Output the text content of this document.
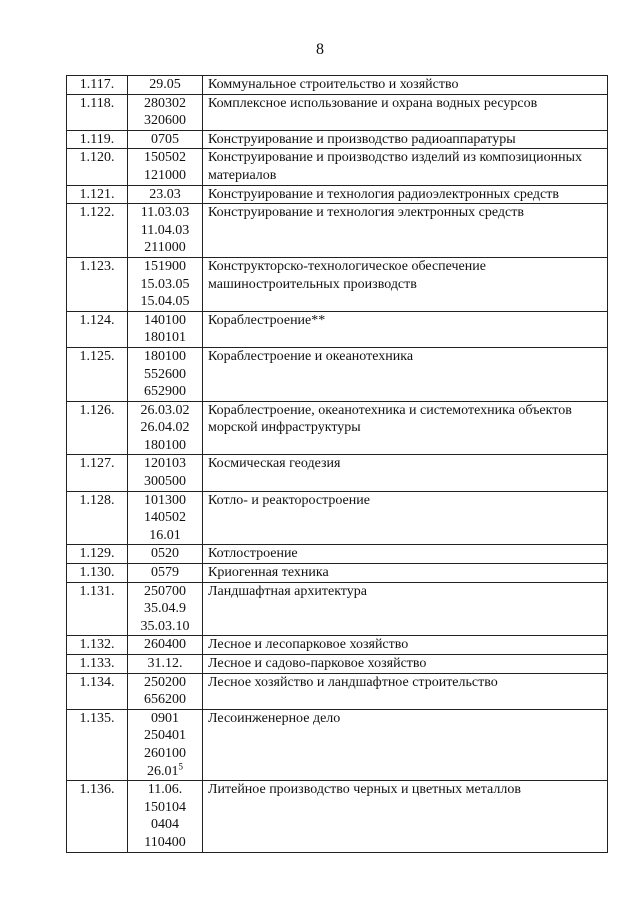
8
1.117.	29.05	Коммунальное строительство и хозяйство
1.118.	280302
320600	Комплексное использование и охрана водных ресурсов
1.119.	0705	Конструирование и производство радиоаппаратуры
1.120.	150502
121000	Конструирование и производство изделий из композиционных материалов
1.121.	23.03	Конструирование и технология радиоэлектронных средств
1.122.	11.03.03
11.04.03
211000	Конструирование и технология электронных средств
1.123.	151900
15.03.05
15.04.05	Конструкторско-технологическое обеспечение машиностроительных производств
1.124.	140100
180101	Кораблестроение**
1.125.	180100
552600
652900	Кораблестроение и океанотехника
1.126.	26.03.02
26.04.02
180100	Кораблестроение, океанотехника и системотехника объектов морской инфраструктуры
1.127.	120103
300500	Космическая геодезия
1.128.	101300
140502
16.01	Котло- и реакторостроение
1.129.	0520	Котлостроение
1.130.	0579	Криогенная техника
1.131.	250700
35.04.9
35.03.10	Ландшафтная архитектура
1.132.	260400	Лесное и лесопарковое хозяйство
1.133.	31.12.	Лесное и садово-парковое хозяйство
1.134.	250200
656200	Лесное хозяйство и ландшафтное строительство
1.135.	0901
250401
260100
26.01$^5$	Лесоинженерное дело
1.136.	11.06.
150104
0404
110400	Литейное производство черных и цветных металлов
